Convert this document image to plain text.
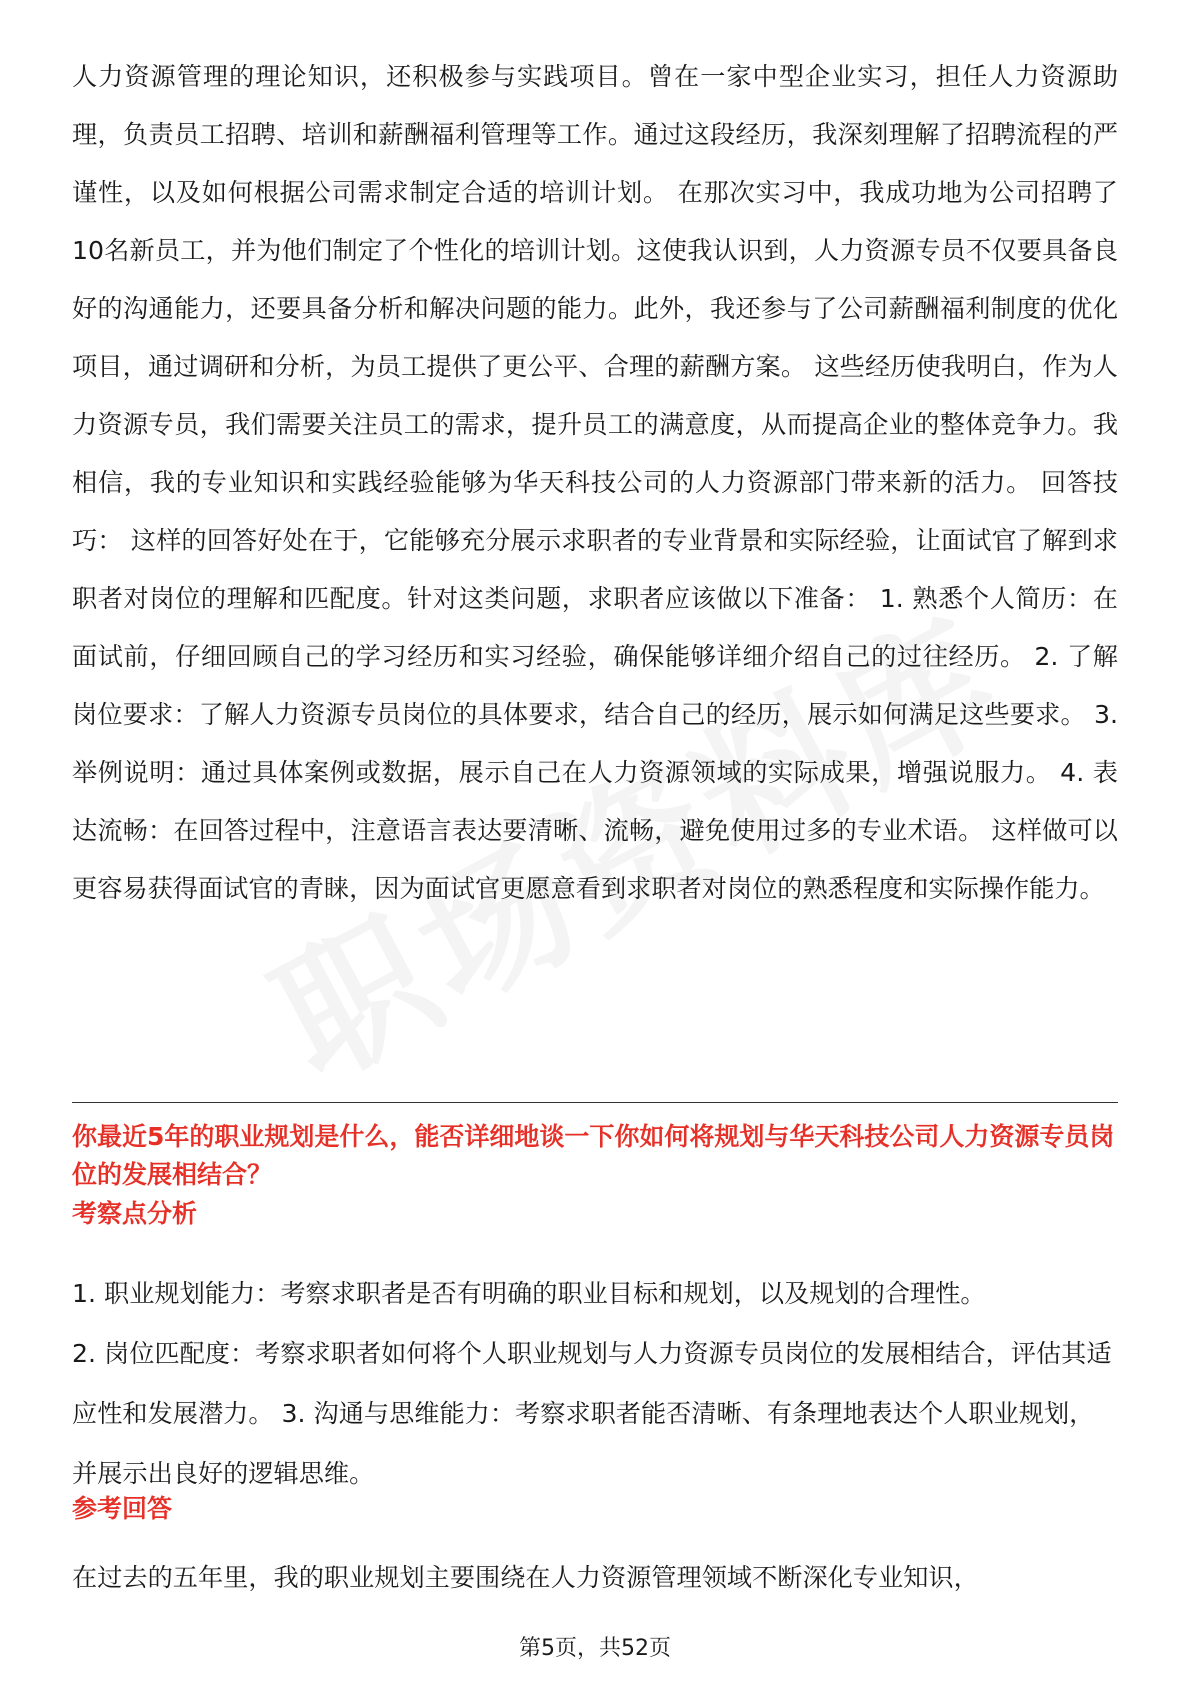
人力资源管理的理论知识，还积极参与实践项目。曾在一家中型企业实习，担任人力资源助理，负责员工招聘、培训和薪酬福利管理等工作。通过这段经历，我深刻理解了招聘流程的严谨性，以及如何根据公司需求制定合适的培训计划。 在那次实习中，我成功地为公司招聘了10名新员工，并为他们制定了个性化的培训计划。这使我认识到，人力资源专员不仅要具备良好的沟通能力，还要具备分析和解决问题的能力。此外，我还参与了公司薪酬福利制度的优化项目，通过调研和分析，为员工提供了更公平、合理的薪酬方案。 这些经历使我明白，作为人力资源专员，我们需要关注员工的需求，提升员工的满意度，从而提高企业的整体竞争力。我相信，我的专业知识和实践经验能够为华天科技公司的人力资源部门带来新的活力。 回答技巧： 这样的回答好处在于，它能够充分展示求职者的专业背景和实际经验，让面试官了解到求职者对岗位的理解和匹配度。针对这类问题，求职者应该做以下准备： 1. 熟悉个人简历：在面试前，仔细回顾自己的学习经历和实习经验，确保能够详细介绍自己的过往经历。 2. 了解岗位要求：了解人力资源专员岗位的具体要求，结合自己的经历，展示如何满足这些要求。 3. 举例说明：通过具体案例或数据，展示自己在人力资源领域的实际成果，增强说服力。 4. 表达流畅：在回答过程中，注意语言表达要清晰、流畅，避免使用过多的专业术语。 这样做可以更容易获得面试官的青睐，因为面试官更愿意看到求职者对岗位的熟悉程度和实际操作能力。

你最近5年的职业规划是什么，能否详细地谈一下你如何将规划与华天科技公司人力资源专员岗位的发展相结合？

考察点分析

1. 职业规划能力：考察求职者是否有明确的职业目标和规划，以及规划的合理性。
2. 岗位匹配度：考察求职者如何将个人职业规划与人力资源专员岗位的发展相结合，评估其适应性和发展潜力。 3. 沟通与思维能力：考察求职者能否清晰、有条理地表达个人职业规划，并展示出良好的逻辑思维。

参考回答

在过去的五年里，我的职业规划主要围绕在人力资源管理领域不断深化专业知识，

第5页，共52页
